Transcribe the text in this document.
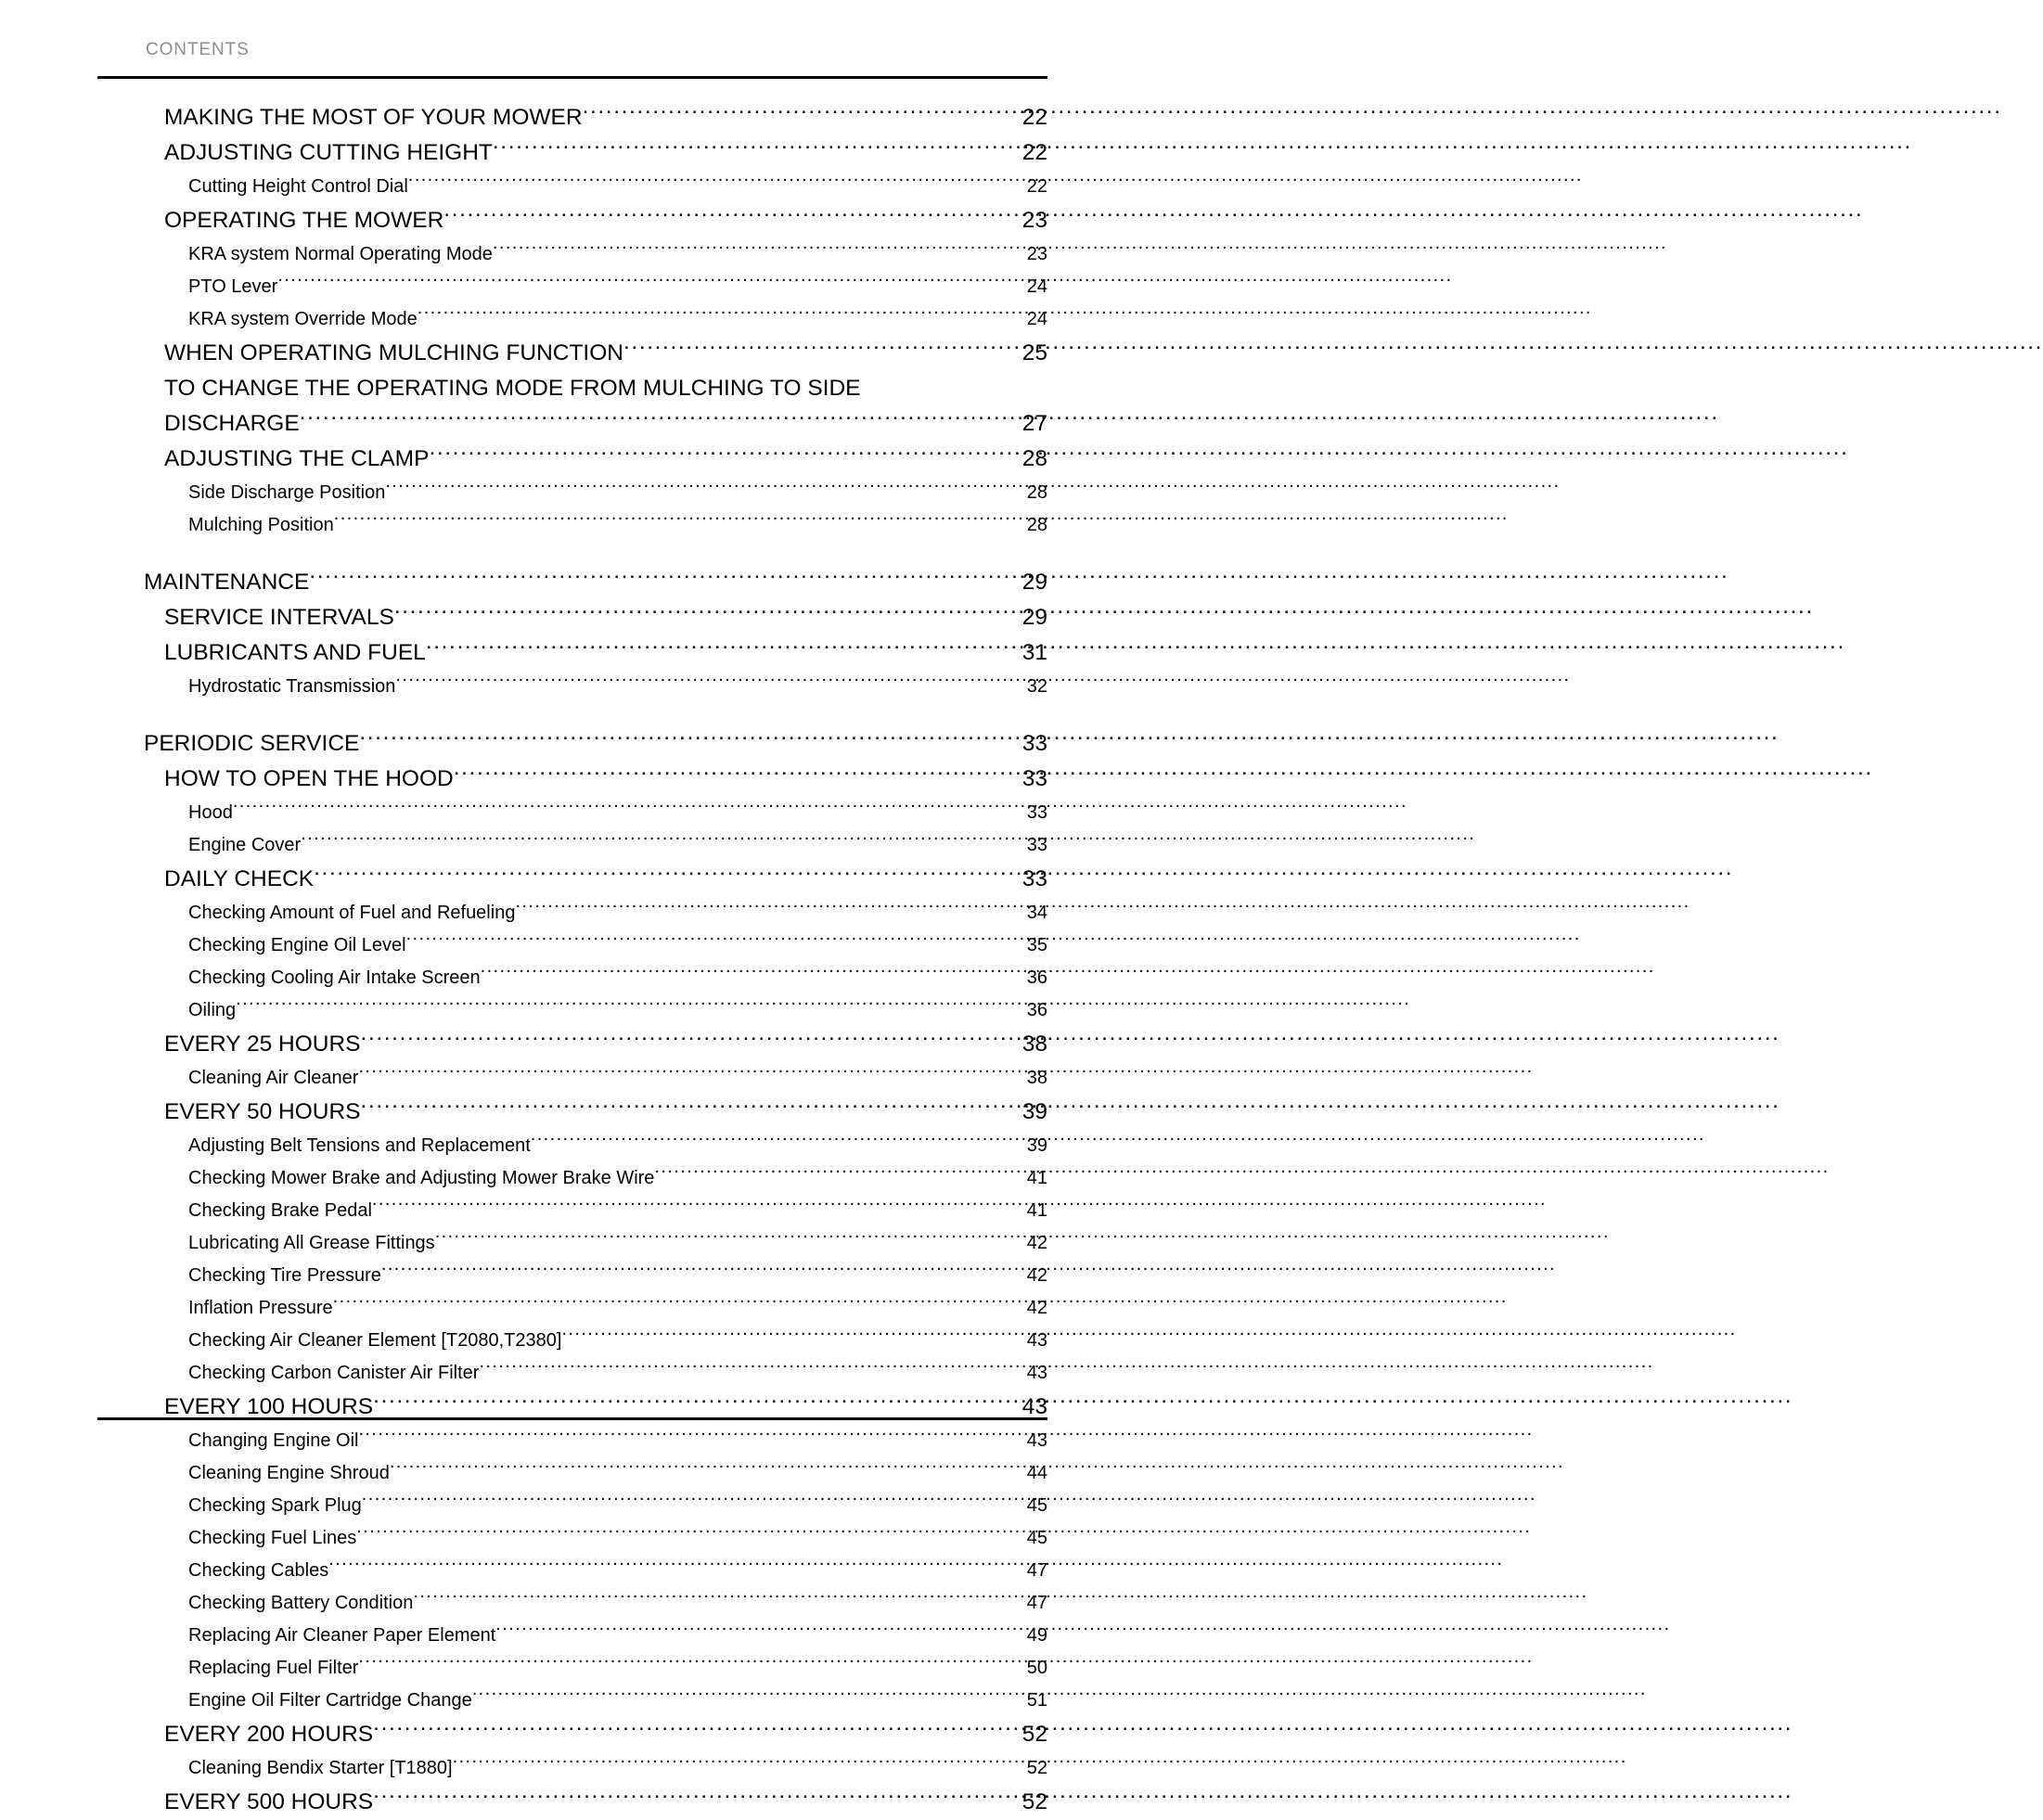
CONTENTS
MAKING THE MOST OF YOUR MOWER .....	22
ADJUSTING CUTTING HEIGHT .....	22
Cutting Height Control Dial .....	22
OPERATING THE MOWER .....	23
KRA system Normal Operating Mode .....	23
PTO Lever .....	24
KRA system Override Mode .....	24
WHEN OPERATING MULCHING FUNCTION .....	25
TO CHANGE THE OPERATING MODE FROM MULCHING TO SIDE
DISCHARGE .....	27
ADJUSTING THE CLAMP .....	28
Side Discharge Position .....	28
Mulching Position .....	28
MAINTENANCE .....	29
SERVICE INTERVALS .....	29
LUBRICANTS AND FUEL .....	31
Hydrostatic Transmission .....	32
PERIODIC SERVICE .....	33
HOW TO OPEN THE HOOD .....	33
Hood .....	33
Engine Cover .....	33
DAILY CHECK .....	33
Checking Amount of Fuel and Refueling .....	34
Checking Engine Oil Level .....	35
Checking Cooling Air Intake Screen .....	36
Oiling .....	36
EVERY 25 HOURS .....	38
Cleaning Air Cleaner .....	38
EVERY 50 HOURS .....	39
Adjusting Belt Tensions and Replacement .....	39
Checking Mower Brake and Adjusting Mower Brake Wire .....	41
Checking Brake Pedal .....	41
Lubricating All Grease Fittings .....	42
Checking Tire Pressure .....	42
Inflation Pressure .....	42
Checking Air Cleaner Element [T2080,T2380] .....	43
Checking Carbon Canister Air Filter .....	43
EVERY 100 HOURS .....	43
Changing Engine Oil .....	43
Cleaning Engine Shroud .....	44
Checking Spark Plug .....	45
Checking Fuel Lines .....	45
Checking Cables .....	47
Checking Battery Condition .....	47
Replacing Air Cleaner Paper Element .....	49
Replacing Fuel Filter .....	50
Engine Oil Filter Cartridge Change .....	51
EVERY 200 HOURS .....	52
Cleaning Bendix Starter [T1880] .....	52
EVERY 500 HOURS .....	52
